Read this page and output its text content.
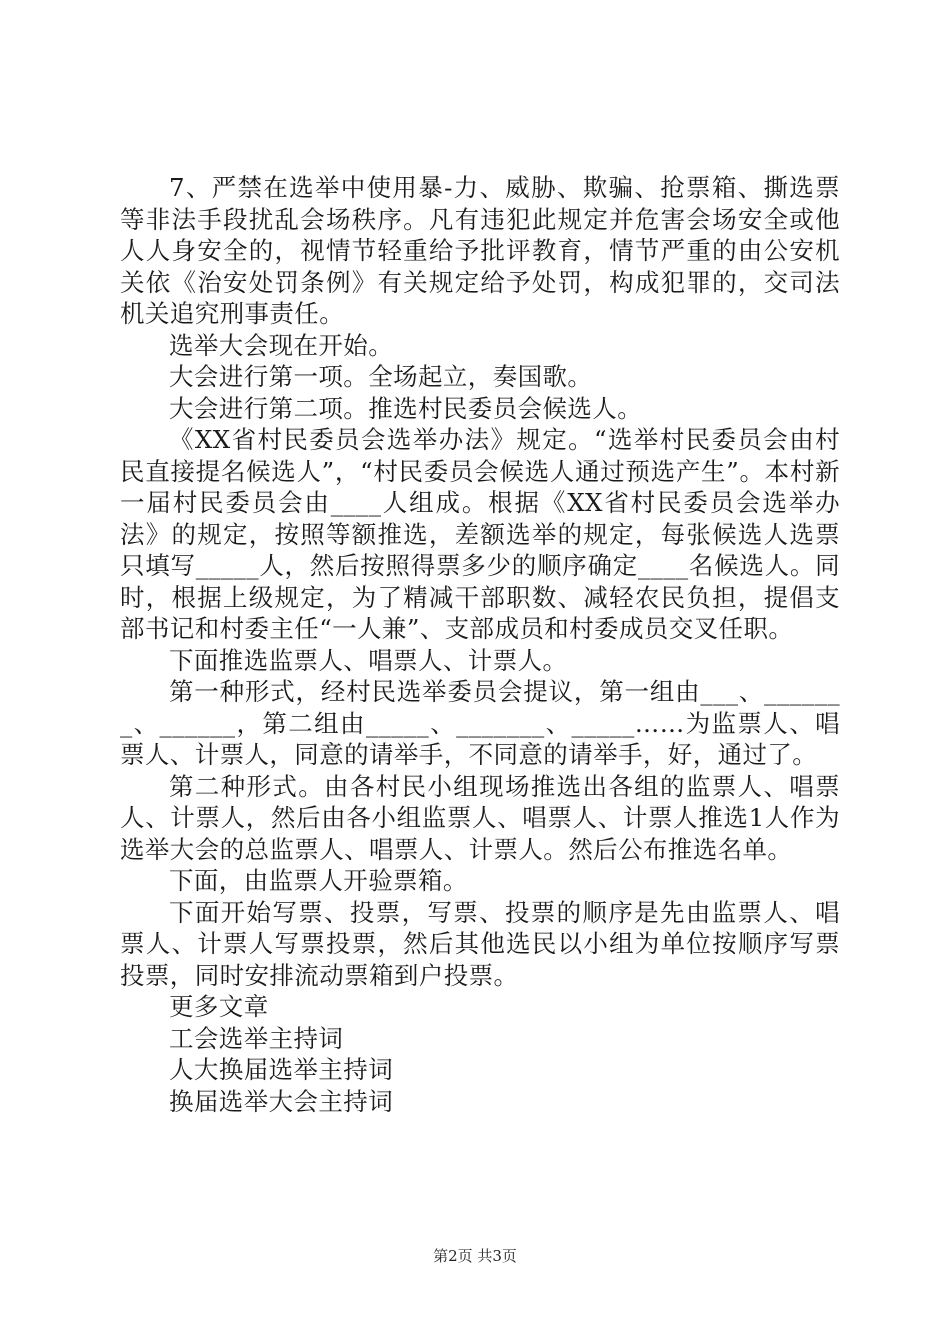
7、严禁在选举中使用暴-力、威胁、欺骗、抢票箱、撕选票等非法手段扰乱会场秩序。凡有违犯此规定并危害会场安全或他人人身安全的，视情节轻重给予批评教育，情节严重的由公安机关依《治安处罚条例》有关规定给予处罚，构成犯罪的，交司法机关追究刑事责任。

选举大会现在开始。

大会进行第一项。全场起立，奏国歌。

大会进行第二项。推选村民委员会候选人。

《XX省村民委员会选举办法》规定。“选举村民委员会由村民直接提名候选人”，“村民委员会候选人通过预选产生”。本村新一届村民委员会由____人组成。根据《XX省村民委员会选举办法》的规定，按照等额推选，差额选举的规定，每张候选人选票只填写_____人，然后按照得票多少的顺序确定____名候选人。同时，根据上级规定，为了精减干部职数、减轻农民负担，提倡支部书记和村委主任“一人兼”、支部成员和村委成员交叉任职。

下面推选监票人、唱票人、计票人。

第一种形式，经村民选举委员会提议，第一组由___、_______、______，第二组由_____、_______、_____……为监票人、唱票人、计票人，同意的请举手，不同意的请举手，好，通过了。

第二种形式。由各村民小组现场推选出各组的监票人、唱票人、计票人，然后由各小组监票人、唱票人、计票人推选1人作为选举大会的总监票人、唱票人、计票人。然后公布推选名单。

下面，由监票人开验票箱。

下面开始写票、投票，写票、投票的顺序是先由监票人、唱票人、计票人写票投票，然后其他选民以小组为单位按顺序写票投票，同时安排流动票箱到户投票。

更多文章

工会选举主持词
人大换届选举主持词
换届选举大会主持词
第2页 共3页
